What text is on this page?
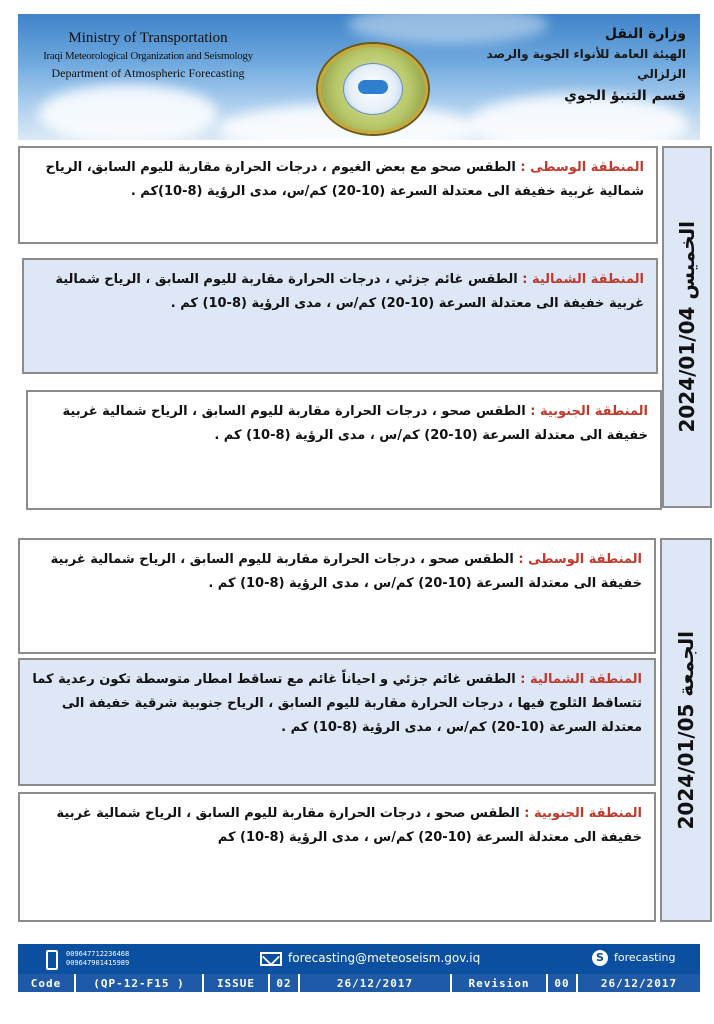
Ministry of Transportation
Iraqi Meteorological Organization and Seismology
Department of Atmospheric Forecasting
وزارة النقل
الهيئة العامة للأنواء الجوية والرصد الزلزالي
قسم التنبؤ الجوي
المنطقة الوسطى : الطقس صحو مع بعض الغيوم ، درجات الحرارة مقاربة لليوم السابق، الرياح شمالية غربية خفيفة الى معتدلة السرعة (10-20) كم/س، مدى الرؤية (8-10)كم .
المنطقة الشمالية : الطقس غائم جزئي ، درجات الحرارة مقاربة لليوم السابق ، الرياح شمالية غربية خفيفة الى معتدلة السرعة (10-20) كم/س ، مدى الرؤية (8-10) كم .
المنطقة الجنوبية : الطقس صحو ، درجات الحرارة مقاربة لليوم السابق ، الرياح شمالية غربية خفيفة الى معتدلة السرعة (10-20) كم/س ، مدى الرؤية (8-10) كم .
الخميس 2024/01/04
المنطقة الوسطى : الطقس صحو ، درجات الحرارة مقاربة لليوم السابق ، الرياح شمالية غربية خفيفة الى معتدلة السرعة (10-20) كم/س ، مدى الرؤية (8-10) كم .
المنطقة الشمالية : الطقس غائم جزئي و احياناً غائم مع تساقط امطار متوسطة تكون رعدية كما تتساقط الثلوج فيها ، درجات الحرارة مقاربة لليوم السابق ، الرياح جنوبية شرقية خفيفة الى معتدلة السرعة (10-20) كم/س ، مدى الرؤية (8-10) كم .
المنطقة الجنوبية : الطقس صحو ، درجات الحرارة مقاربة لليوم السابق ، الرياح شمالية غربية خفيفة الى معتدلة السرعة (10-20) كم/س ، مدى الرؤية (8-10) كم
الجمعة 2024/01/05
009647712236468
009647901415989	forecasting@meteoseism.gov.iq	S forecasting
Code	(QP-12-F15 )	ISSUE	02	26/12/2017	Revision	00	26/12/2017
